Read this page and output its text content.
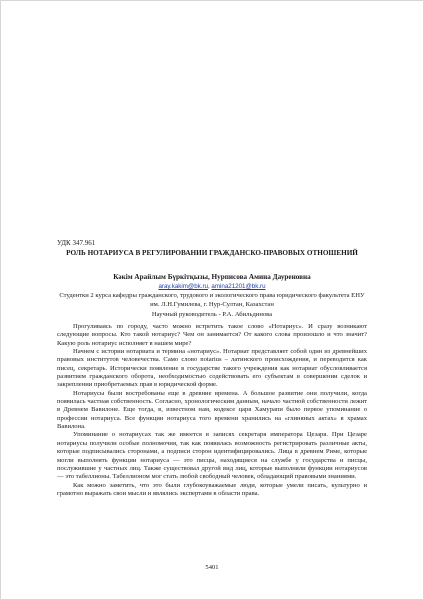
УДК 347.961
РОЛЬ НОТАРИУСА В РЕГУЛИРОВАНИИ ГРАЖДАНСКО-ПРАВОВЫХ ОТНОШЕНИЙ
Кәкім Арайлым Бүркітқызы, Нурписова Амина Дауреновна
aray.kakim@bk.ru, amina21201@bk.ru
Студентки 2 курса кафедры гражданского, трудового и экологического права юридического факультета ЕНУ им. Л.Н.Гумилева, г. Нур-Султан, Казахстан
Научный руководитель - Р.А. Абильдинова

Прогуливаясь по городу, часто можно встретить такое слово «Нотариус». И сразу возникают следующие вопросы. Кто такой нотариус? Чем он занимается? От какого слова произошло и что значит? Какую роль нотариус исполняет в нашем мире?

Начнем с истории нотариата и термина «нотариус». Нотариат представляет собой один из древнейших правовых институтов человечества. Само слово notarius – латинского происхождения, и переводится как писец, секретарь. Исторически появление в государстве такого учреждения как нотариат обусловливается развитием гражданского оборота, необходимостью содействовать его субъектам в совершении сделок и закреплении приобретаемых прав в юридической форме.

Нотариусы были востребованы еще в древние времена. А большое развитие они получили, когда появилась частная собственность. Согласно, хронологическим данным, начало частной собственности лежит в Древнем Вавилоне. Еще тогда, в, известном нам, кодексе царя Хамурапи было первое упоминание о профессии нотариуса. Все функции нотариуса того времени хранились на «глиняных актах» в храмах Вавилона.

Упоминание о нотариусах так же имеется в записях секретаря императора Цезаря. При Цезаре нотариусы получили особые полномочия, так как появилась возможность регистрировать различные акты, которые подписывались сторонами, а подписи сторон идентифицировались. Лица в древнем Риме, которые могли выполнять функции нотариуса — это писцы, находящиеся на службе у государства и писцы, послужившие у частных лиц. Также существовал другой вид лиц, которые выполняли функции нотариусов — это табеллионы. Табеллионом мог стать любой свободный человек, обладающий правовыми знаниями.

Как можно заметить, что это были глубокоуважаемые люди, которые умели писать, культурно и грамотно выражать свои мысли и являлись экспертами в области права.

5401
